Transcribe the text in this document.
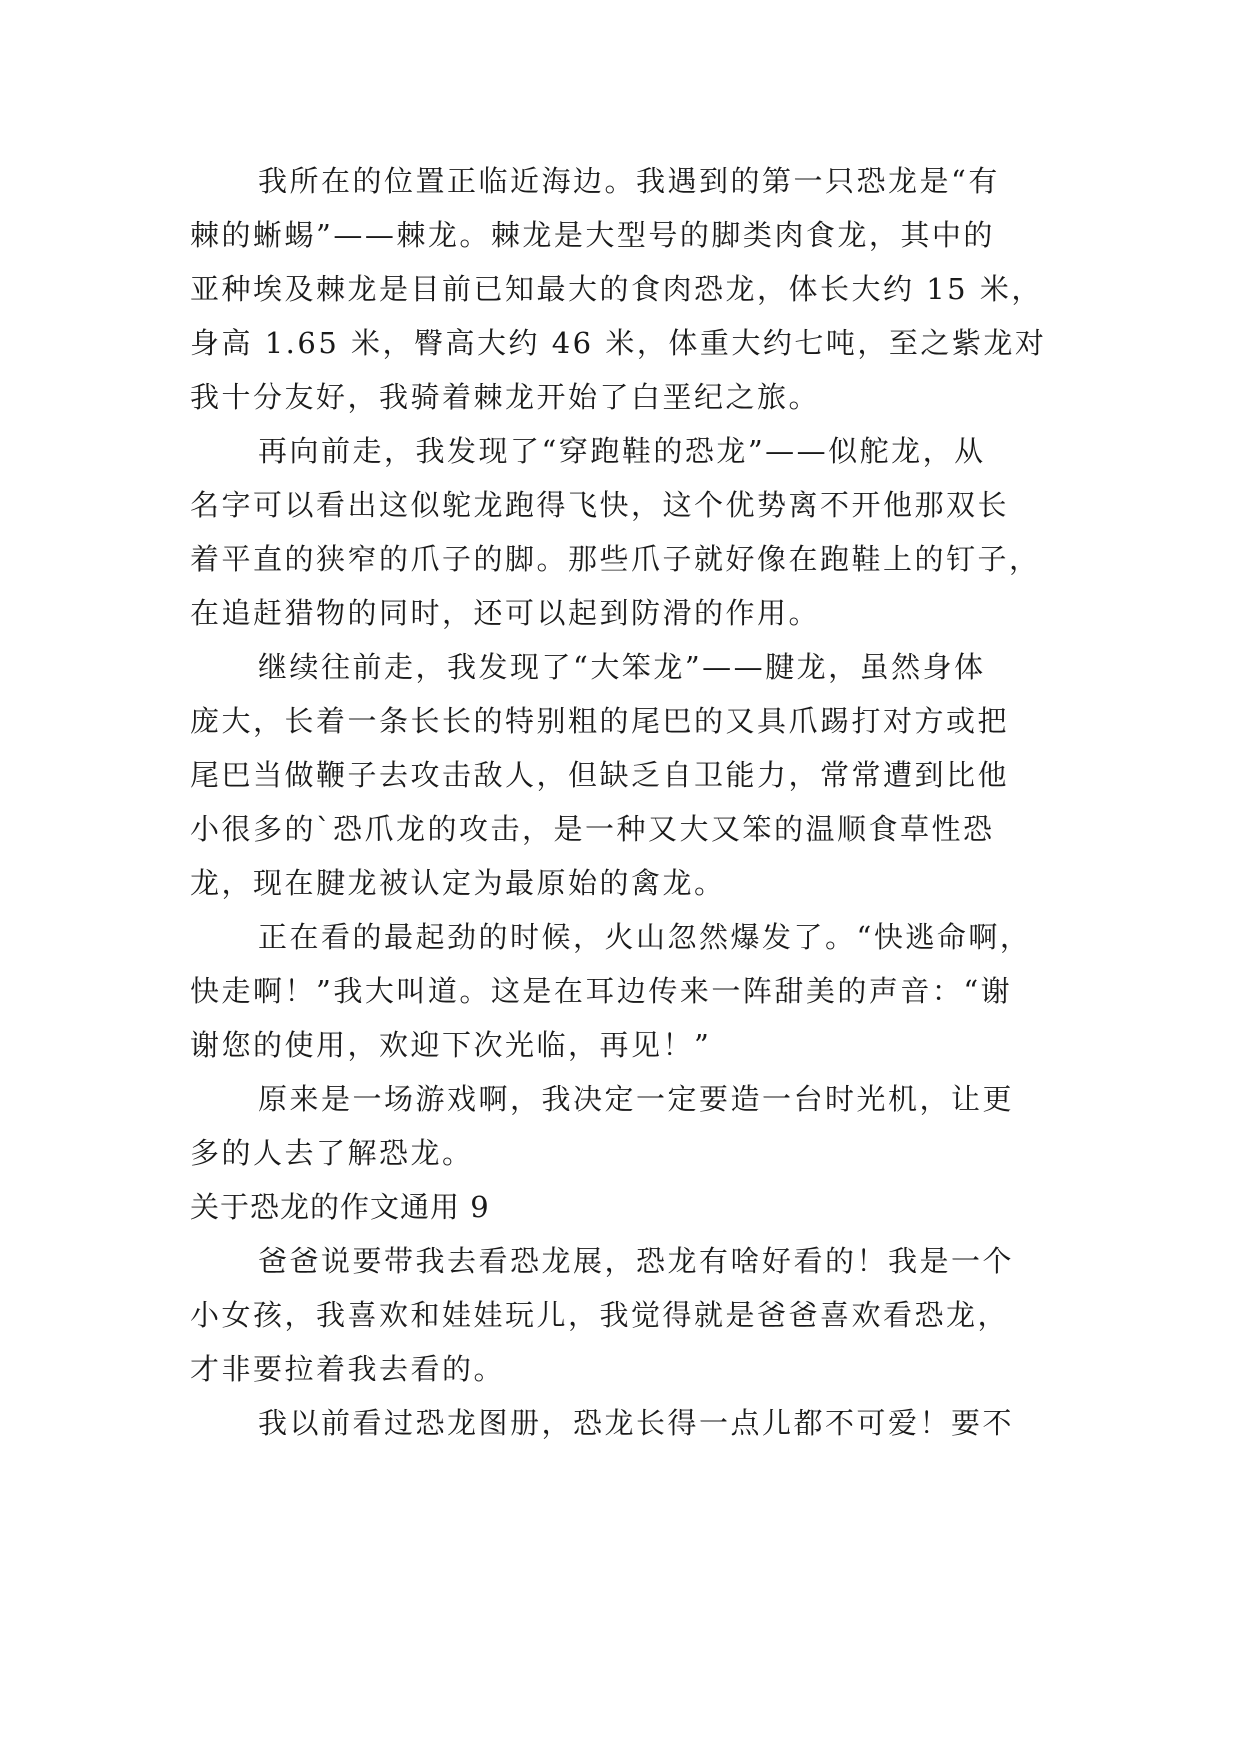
我所在的位置正临近海边。我遇到的第一只恐龙是“有
棘的蜥蜴”——棘龙。棘龙是大型号的脚类肉食龙，其中的
亚种埃及棘龙是目前已知最大的食肉恐龙，体长大约 15 米，
身高 1.65 米，臀高大约 46 米，体重大约七吨，至之紫龙对
我十分友好，我骑着棘龙开始了白垩纪之旅。
再向前走，我发现了“穿跑鞋的恐龙”——似舵龙，从
名字可以看出这似鸵龙跑得飞快，这个优势离不开他那双长
着平直的狭窄的爪子的脚。那些爪子就好像在跑鞋上的钉子，
在追赶猎物的同时，还可以起到防滑的作用。
继续往前走，我发现了“大笨龙”——腱龙，虽然身体
庞大，长着一条长长的特别粗的尾巴的又具爪踢打对方或把
尾巴当做鞭子去攻击敌人，但缺乏自卫能力，常常遭到比他
小很多的`恐爪龙的攻击，是一种又大又笨的温顺食草性恐
龙，现在腱龙被认定为最原始的禽龙。
正在看的最起劲的时候，火山忽然爆发了。“快逃命啊，
快走啊！”我大叫道。这是在耳边传来一阵甜美的声音：“谢
谢您的使用，欢迎下次光临，再见！”
原来是一场游戏啊，我决定一定要造一台时光机，让更
多的人去了解恐龙。
关于恐龙的作文通用 9
爸爸说要带我去看恐龙展，恐龙有啥好看的！我是一个
小女孩，我喜欢和娃娃玩儿，我觉得就是爸爸喜欢看恐龙，
才非要拉着我去看的。
我以前看过恐龙图册，恐龙长得一点儿都不可爱！要不
